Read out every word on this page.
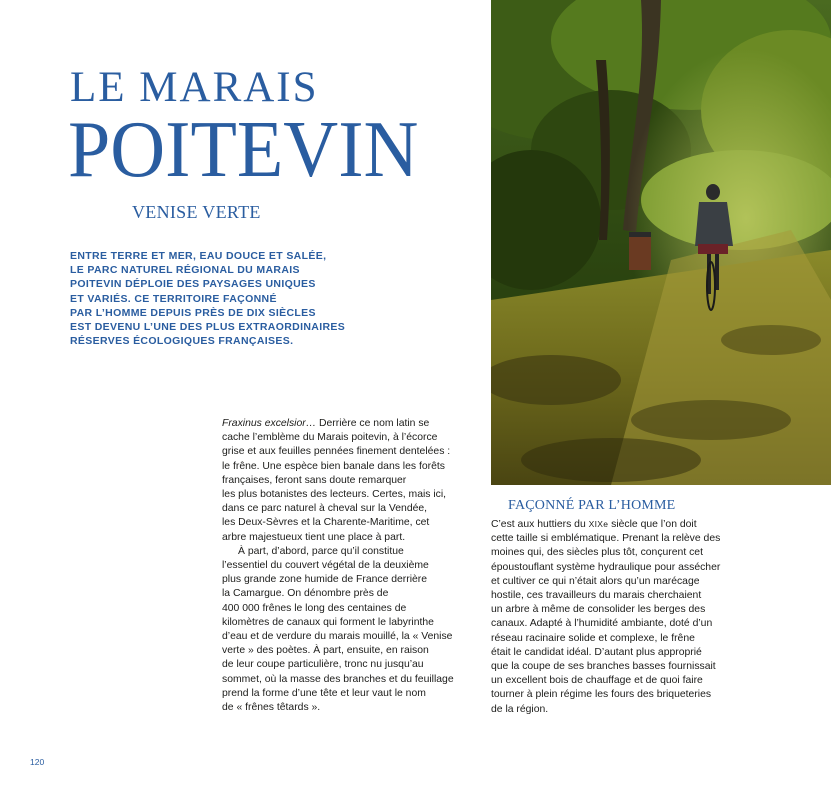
LE MARAIS
POITEVIN
VENISE VERTE
ENTRE TERRE ET MER, EAU DOUCE ET SALÉE,
LE PARC NATUREL RÉGIONAL DU MARAIS
POITEVIN DÉPLOIE DES PAYSAGES UNIQUES
ET VARIÉS. CE TERRITOIRE FAÇONNÉ
PAR L’HOMME DEPUIS PRÈS DE DIX SIÈCLES
EST DEVENU L’UNE DES PLUS EXTRAORDINAIRES
RÉSERVES ÉCOLOGIQUES FRANÇAISES.
Fraxinus excelsior… Derrière ce nom latin se
cache l’emblème du Marais poitevin, à l’écorce
grise et aux feuilles pennées finement dentelées :
le frêne. Une espèce bien banale dans les forêts
françaises, feront sans doute remarquer
les plus botanistes des lecteurs. Certes, mais ici,
dans ce parc naturel à cheval sur la Vendée,
les Deux-Sèvres et la Charente-Maritime, cet
arbre majestueux tient une place à part.
À part, d’abord, parce qu’il constitue
l’essentiel du couvert végétal de la deuxième
plus grande zone humide de France derrière
la Camargue. On dénombre près de
400 000 frênes le long des centaines de
kilomètres de canaux qui forment le labyrinthe
d’eau et de verdure du marais mouillé, la « Venise
verte » des poètes. À part, ensuite, en raison
de leur coupe particulière, tronc nu jusqu’au
sommet, où la masse des branches et du feuillage
prend la forme d’une tête et leur vaut le nom
de « frênes têtards ».
FAÇONNÉ PAR L’HOMME
C’est aux huttiers du XIXe siècle que l’on doit
cette taille si emblématique. Prenant la relève des
moines qui, des siècles plus tôt, conçurent cet
époustouflant système hydraulique pour assécher
et cultiver ce qui n’était alors qu’un marécage
hostile, ces travailleurs du marais cherchaient
un arbre à même de consolider les berges des
canaux. Adapté à l’humidité ambiante, doté d’un
réseau racinaire solide et complexe, le frêne
était le candidat idéal. D’autant plus approprié
que la coupe de ses branches basses fournissait
un excellent bois de chauffage et de quoi faire
tourner à plein régime les fours des briqueteries
de la région.
120
